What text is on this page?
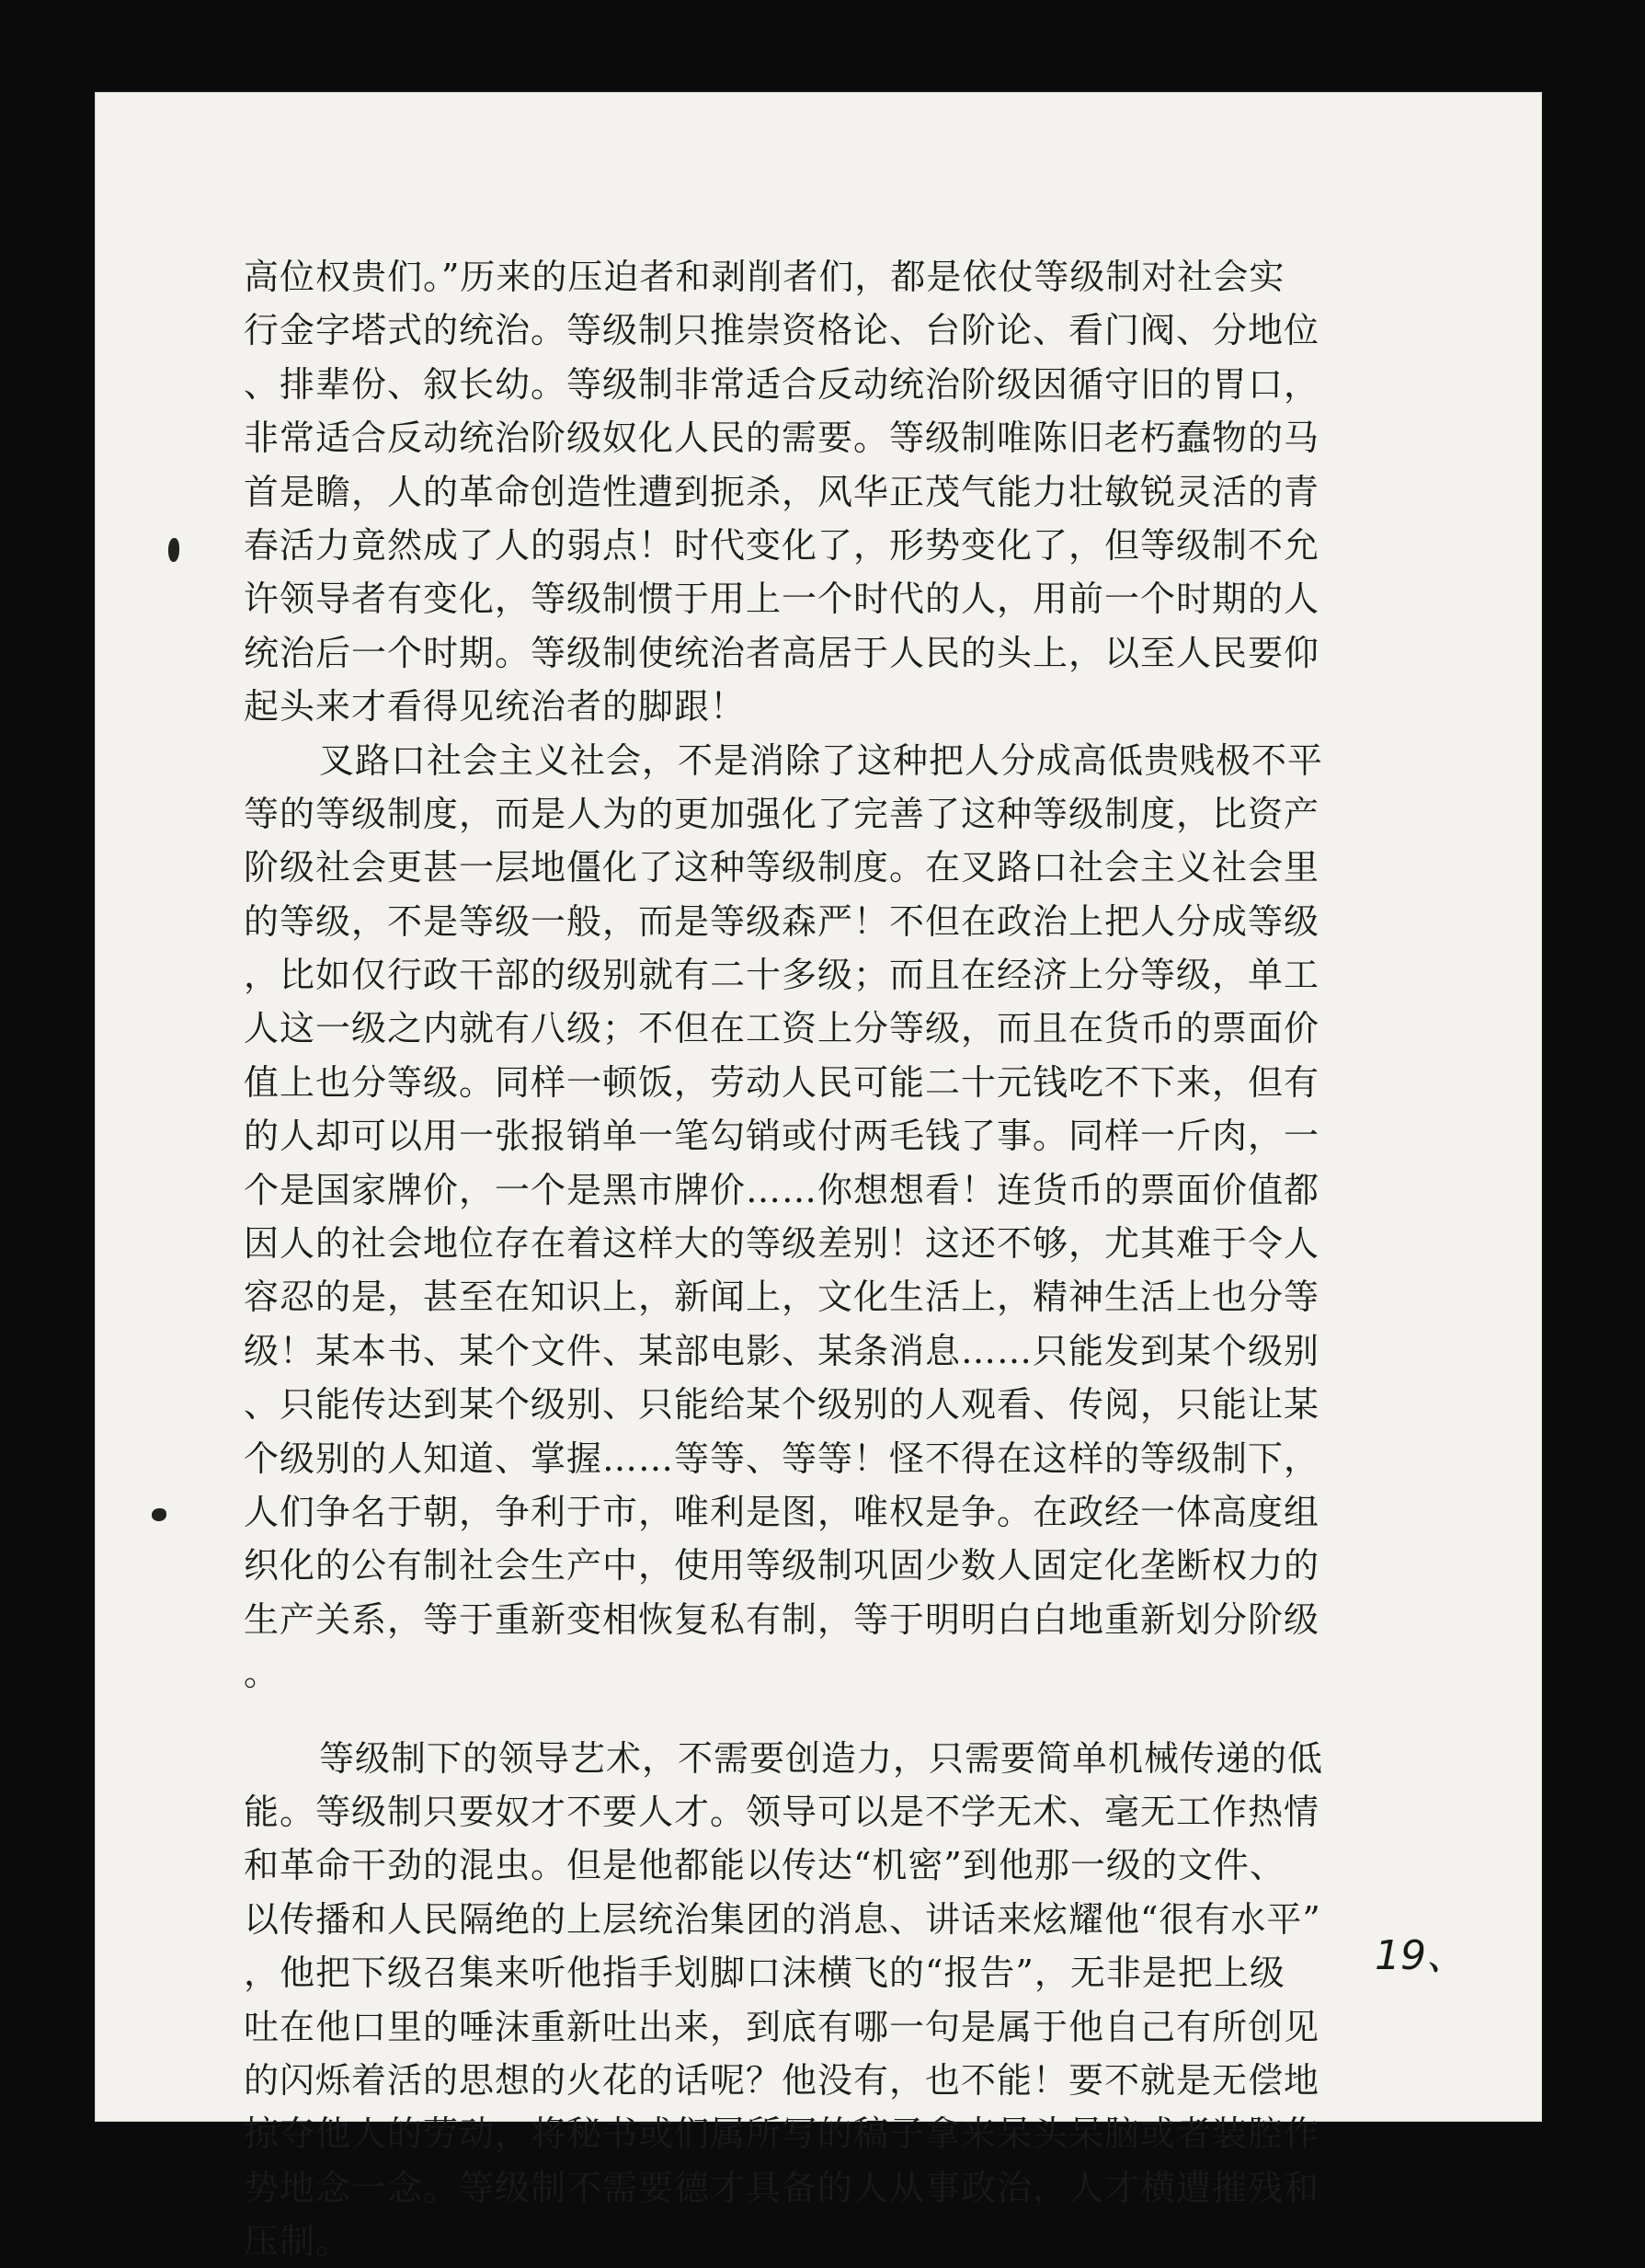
高位权贵们。”历来的压迫者和剥削者们，都是依仗等级制对社会实
行金字塔式的统治。等级制只推崇资格论、台阶论、看门阀、分地位
、排辈份、叙长幼。等级制非常适合反动统治阶级因循守旧的胃口，
非常适合反动统治阶级奴化人民的需要。等级制唯陈旧老朽蠢物的马
首是瞻，人的革命创造性遭到扼杀，风华正茂气能力壮敏锐灵活的青
春活力竟然成了人的弱点！时代变化了，形势变化了，但等级制不允
许领导者有变化，等级制惯于用上一个时代的人，用前一个时期的人
统治后一个时期。等级制使统治者高居于人民的头上，以至人民要仰
起头来才看得见统治者的脚跟！
叉路口社会主义社会，不是消除了这种把人分成高低贵贱极不平
等的等级制度，而是人为的更加强化了完善了这种等级制度，比资产
阶级社会更甚一层地僵化了这种等级制度。在叉路口社会主义社会里
的等级，不是等级一般，而是等级森严！不但在政治上把人分成等级
，比如仅行政干部的级别就有二十多级；而且在经济上分等级，单工
人这一级之内就有八级；不但在工资上分等级，而且在货币的票面价
值上也分等级。同样一顿饭，劳动人民可能二十元钱吃不下来，但有
的人却可以用一张报销单一笔勾销或付两毛钱了事。同样一斤肉，一
个是国家牌价，一个是黑市牌价……你想想看！连货币的票面价值都
因人的社会地位存在着这样大的等级差别！这还不够，尤其难于令人
容忍的是，甚至在知识上，新闻上，文化生活上，精神生活上也分等
级！某本书、某个文件、某部电影、某条消息……只能发到某个级别
、只能传达到某个级别、只能给某个级别的人观看、传阅，只能让某
个级别的人知道、掌握……等等、等等！怪不得在这样的等级制下，
人们争名于朝，争利于市，唯利是图，唯权是争。在政经一体高度组
织化的公有制社会生产中，使用等级制巩固少数人固定化垄断权力的
生产关系，等于重新变相恢复私有制，等于明明白白地重新划分阶级
。
等级制下的领导艺术，不需要创造力，只需要简单机械传递的低
能。等级制只要奴才不要人才。领导可以是不学无术、毫无工作热情
和革命干劲的混虫。但是他都能以传达“机密”到他那一级的文件、
以传播和人民隔绝的上层统治集团的消息、讲话来炫耀他“很有水平”
，他把下级召集来听他指手划脚口沫横飞的“报告”，无非是把上级
吐在他口里的唾沫重新吐出来，到底有哪一句是属于他自己有所创见
的闪烁着活的思想的火花的话呢？他没有，也不能！要不就是无偿地
掠夺他人的劳动，将秘书或们属所写的稿子拿来呆头呆脑或者装腔作
势地念一念。等级制不需要德才具备的人从事政治，人才横遭摧残和
压制。
19、
